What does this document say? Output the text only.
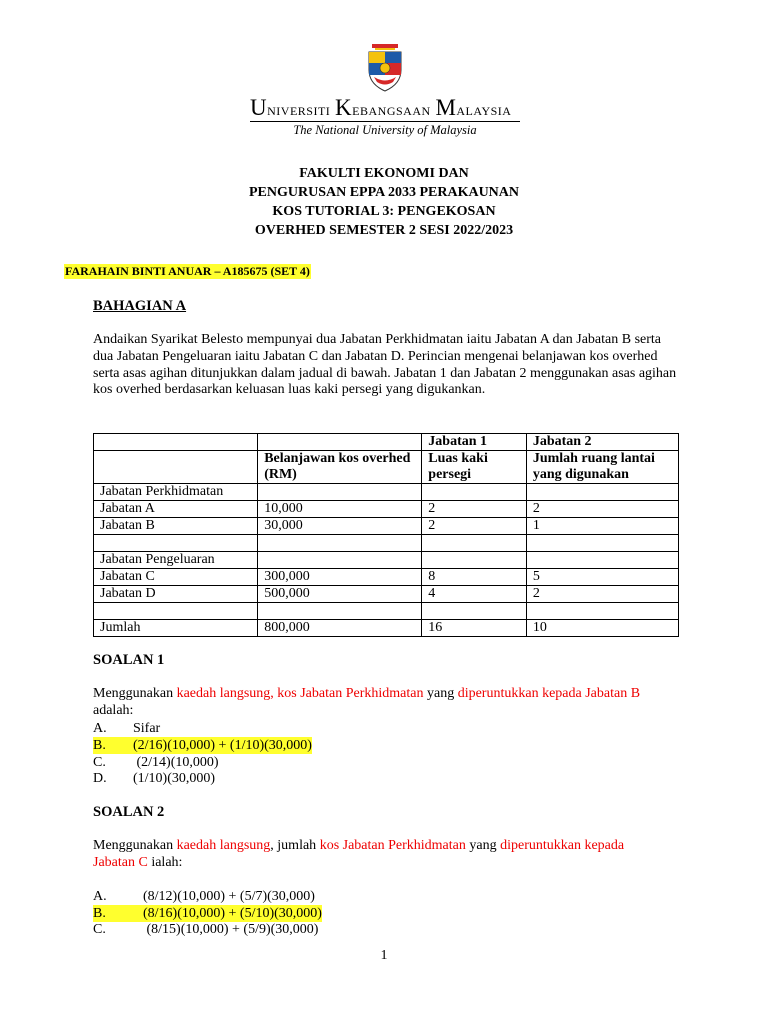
Universiti Kebangsaan Malaysia
The National University of Malaysia
FAKULTI EKONOMI DAN
PENGURUSAN EPPA 2033 PERAKAUNAN
KOS TUTORIAL 3: PENGEKOSAN
OVERHED SEMESTER 2 SESI 2022/2023
FARAHAIN BINTI ANUAR – A185675 (SET 4)
BAHAGIAN A
Andaikan Syarikat Belesto mempunyai dua Jabatan Perkhidmatan iaitu Jabatan A dan Jabatan B serta dua Jabatan Pengeluaran iaitu Jabatan C dan Jabatan D. Perincian mengenai belanjawan kos overhed serta asas agihan ditunjukkan dalam jadual di bawah. Jabatan 1 dan Jabatan 2 menggunakan asas agihan kos overhed berdasarkan keluasan luas kaki persegi yang digukankan.
		Jabatan 1	Jabatan 2
	Belanjawan kos overhed (RM)	Luas kaki persegi	Jumlah ruang lantai yang digunakan
Jabatan Perkhidmatan			
Jabatan A	10,000	2	2
Jabatan B	30,000	2	1

Jabatan Pengeluaran			
Jabatan C	300,000	8	5
Jabatan D	500,000	4	2

Jumlah	800,000	16	10
SOALAN 1
Menggunakan kaedah langsung, kos Jabatan Perkhidmatan yang diperuntukkan kepada Jabatan B adalah:
A. Sifar
B. (2/16)(10,000) + (1/10)(30,000)
C. (2/14)(10,000)
D. (1/10)(30,000)
SOALAN 2
Menggunakan kaedah langsung, jumlah kos Jabatan Perkhidmatan yang diperuntukkan kepada Jabatan C ialah:
A.	(8/12)(10,000) + (5/7)(30,000)
B.	(8/16)(10,000) + (5/10)(30,000)
C.	(8/15)(10,000) + (5/9)(30,000)
1
